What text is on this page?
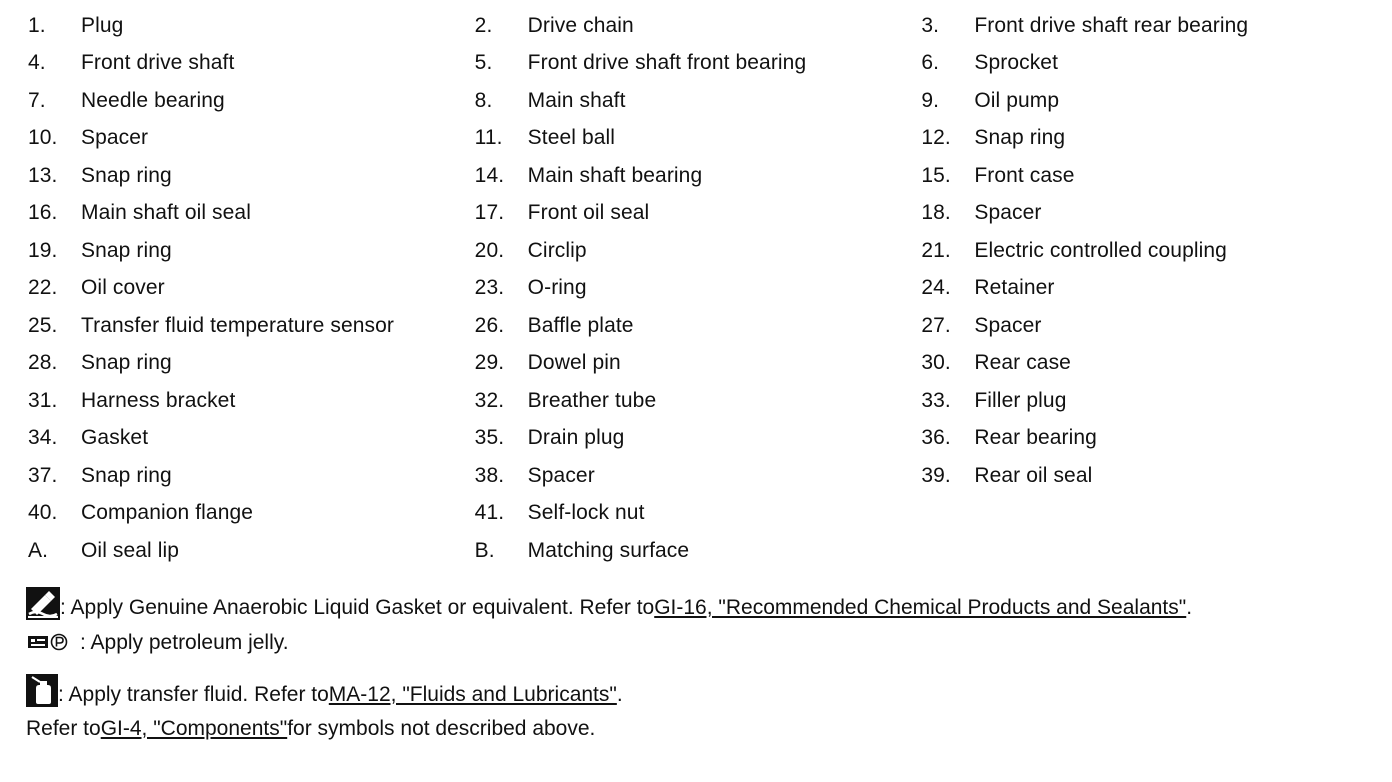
1.	Plug	2.	Drive chain	3.	Front drive shaft rear bearing
4.	Front drive shaft	5.	Front drive shaft front bearing	6.	Sprocket
7.	Needle bearing	8.	Main shaft	9.	Oil pump
10.	Spacer	11.	Steel ball	12.	Snap ring
13.	Snap ring	14.	Main shaft bearing	15.	Front case
16.	Main shaft oil seal	17.	Front oil seal	18.	Spacer
19.	Snap ring	20.	Circlip	21.	Electric controlled coupling
22.	Oil cover	23.	O-ring	24.	Retainer
25.	Transfer fluid temperature sensor	26.	Baffle plate	27.	Spacer
28.	Snap ring	29.	Dowel pin	30.	Rear case
31.	Harness bracket	32.	Breather tube	33.	Filler plug
34.	Gasket	35.	Drain plug	36.	Rear bearing
37.	Snap ring	38.	Spacer	39.	Rear oil seal
40.	Companion flange	41.	Self-lock nut
A.	Oil seal lip	B.	Matching surface
: Apply Genuine Anaerobic Liquid Gasket or equivalent. Refer to GI-16, "Recommended Chemical Products and Sealants" .
: Apply petroleum jelly.
: Apply transfer fluid. Refer to MA-12, "Fluids and Lubricants" .
Refer to GI-4, "Components" for symbols not described above.
